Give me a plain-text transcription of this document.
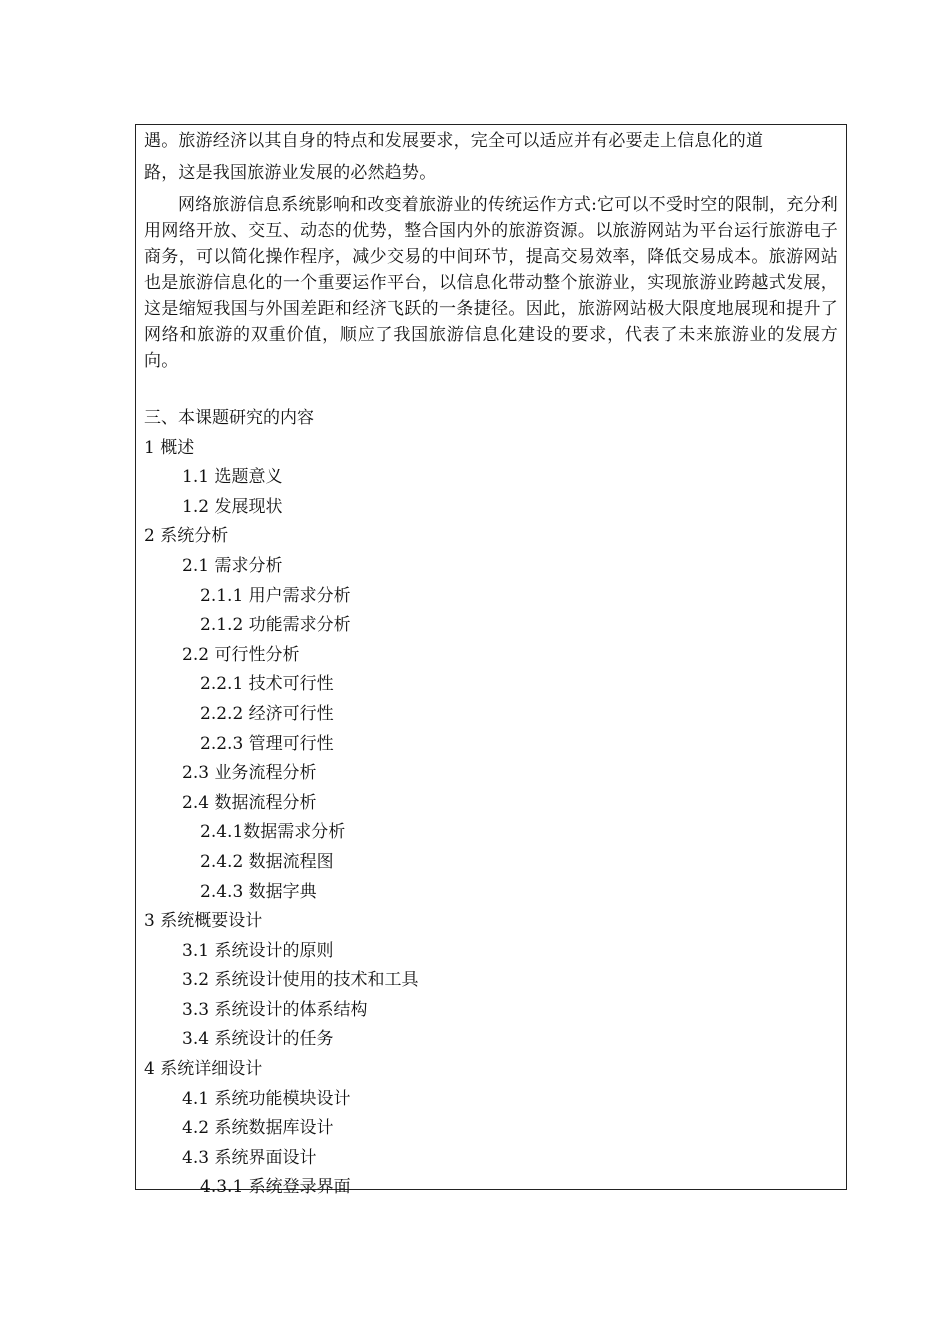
遇。旅游经济以其自身的特点和发展要求，完全可以适应并有必要走上信息化的道
路，这是我国旅游业发展的必然趋势。

网络旅游信息系统影响和改变着旅游业的传统运作方式:它可以不受时空的限制，充分利用网络开放、交互、动态的优势，整合国内外的旅游资源。以旅游网站为平台运行旅游电子商务，可以简化操作程序，减少交易的中间环节，提高交易效率，降低交易成本。旅游网站也是旅游信息化的一个重要运作平台，以信息化带动整个旅游业，实现旅游业跨越式发展，这是缩短我国与外国差距和经济飞跃的一条捷径。因此，旅游网站极大限度地展现和提升了网络和旅游的双重价值，顺应了我国旅游信息化建设的要求，代表了未来旅游业的发展方向。

三、本课题研究的内容
1 概述
1.1 选题意义
1.2 发展现状
2 系统分析
2.1 需求分析
2.1.1 用户需求分析
2.1.2 功能需求分析
2.2 可行性分析
2.2.1 技术可行性
2.2.2 经济可行性
2.2.3 管理可行性
2.3 业务流程分析
2.4 数据流程分析
2.4.1数据需求分析
2.4.2 数据流程图
2.4.3 数据字典
3 系统概要设计
3.1 系统设计的原则
3.2 系统设计使用的技术和工具
3.3 系统设计的体系结构
3.4 系统设计的任务
4 系统详细设计
4.1 系统功能模块设计
4.2 系统数据库设计
4.3 系统界面设计
4.3.1 系统登录界面
